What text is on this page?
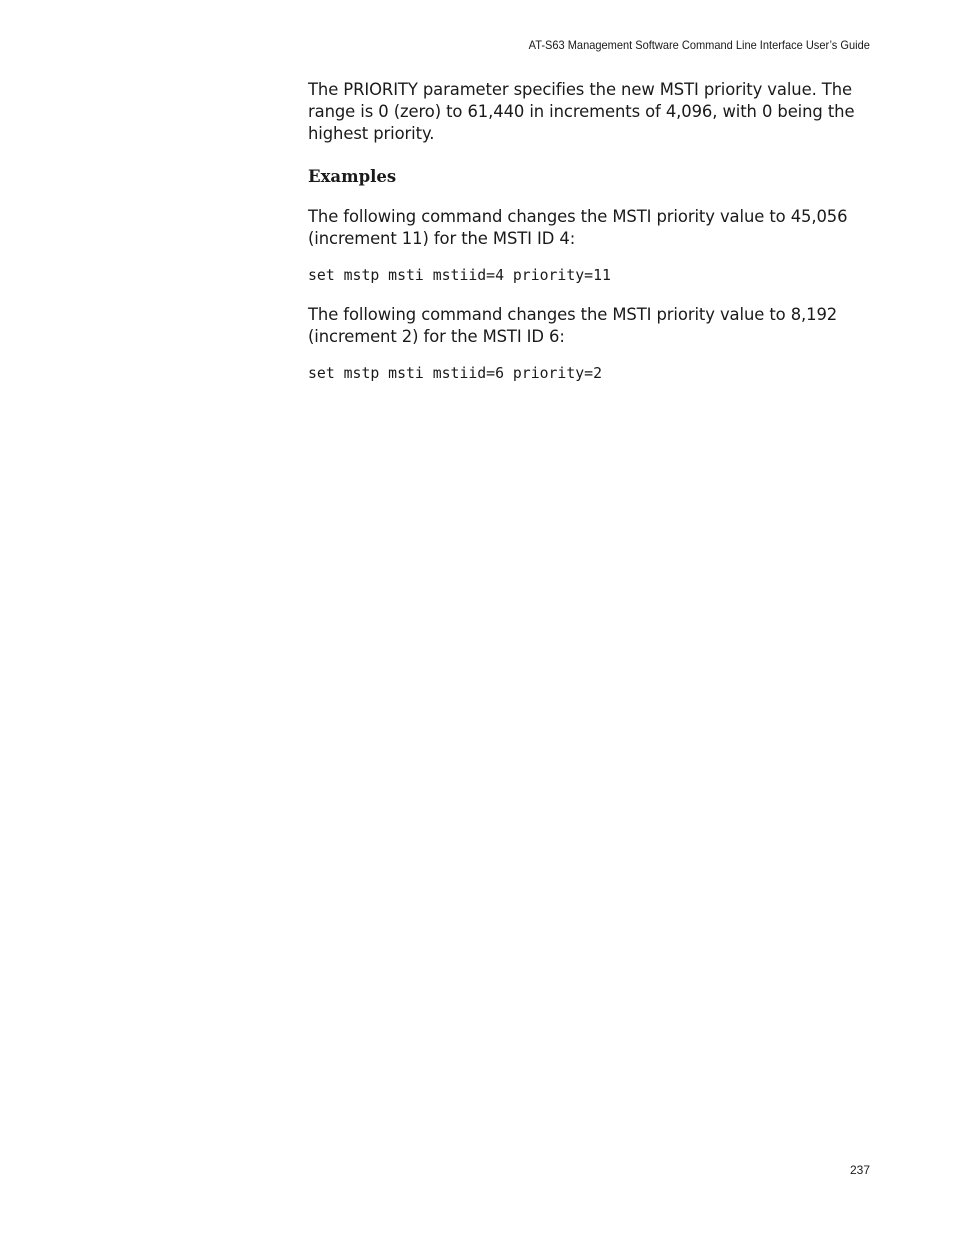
AT-S63 Management Software Command Line Interface User’s Guide

The PRIORITY parameter specifies the new MSTI priority value. The range is 0 (zero) to 61,440 in increments of 4,096, with 0 being the highest priority.

Examples

The following command changes the MSTI priority value to 45,056 (increment 11) for the MSTI ID 4:

set mstp msti mstiid=4 priority=11

The following command changes the MSTI priority value to 8,192 (increment 2) for the MSTI ID 6:

set mstp msti mstiid=6 priority=2
237
